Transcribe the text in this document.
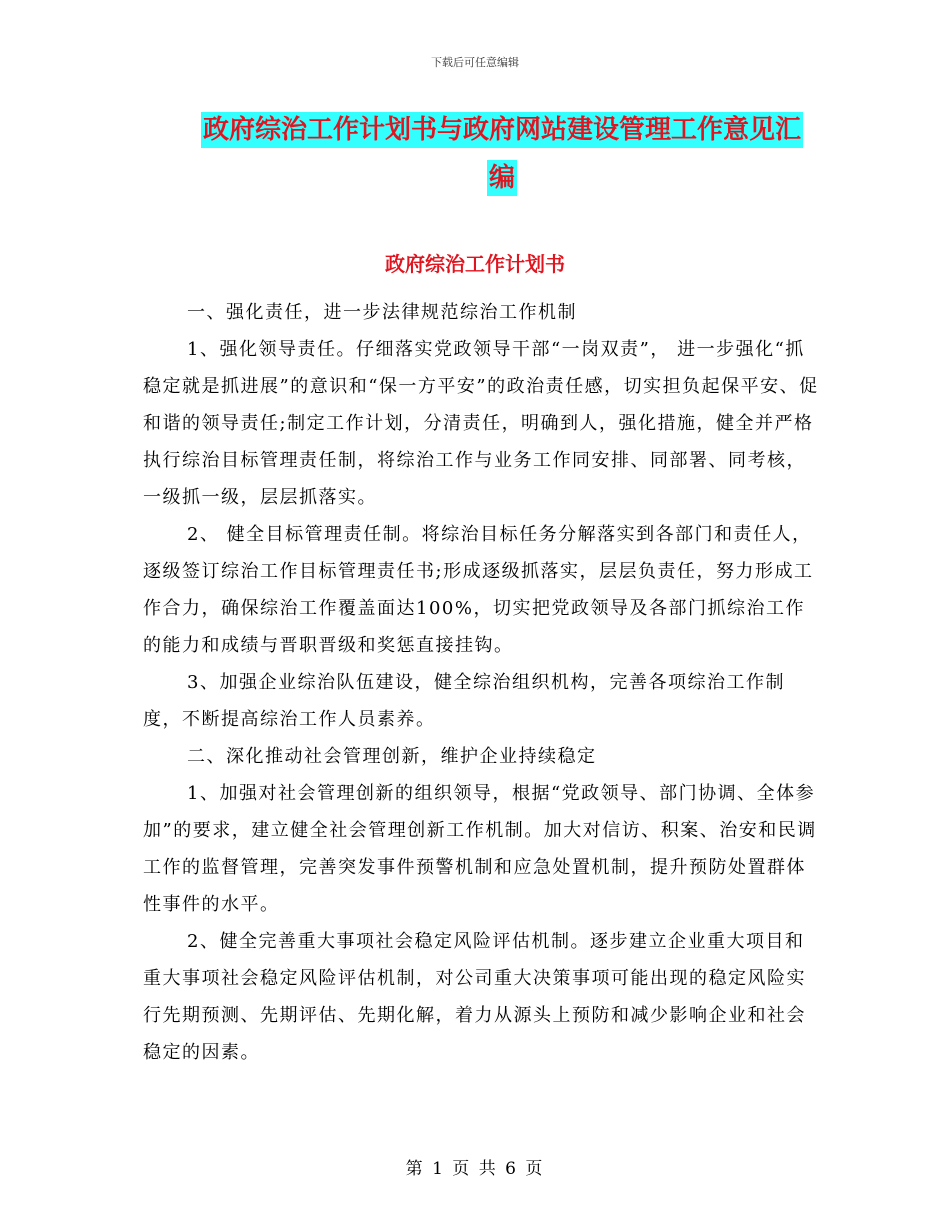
下载后可任意编辑
政府综治工作计划书与政府网站建设管理工作意见汇
编
政府综治工作计划书

一、强化责任，进一步法律规范综治工作机制

1、强化领导责任。仔细落实党政领导干部“一岗双责”， 进一步强化“抓稳定就是抓进展”的意识和“保一方平安”的政治责任感，切实担负起保平安、促和谐的领导责任;制定工作计划，分清责任，明确到人，强化措施，健全并严格执行综治目标管理责任制，将综治工作与业务工作同安排、同部署、同考核，一级抓一级，层层抓落实。

2、 健全目标管理责任制。将综治目标任务分解落实到各部门和责任人，逐级签订综治工作目标管理责任书;形成逐级抓落实，层层负责任，努力形成工作合力，确保综治工作覆盖面达100%，切实把党政领导及各部门抓综治工作的能力和成绩与晋职晋级和奖惩直接挂钩。

3、加强企业综治队伍建设，健全综治组织机构，完善各项综治工作制度，不断提高综治工作人员素养。

二、深化推动社会管理创新，维护企业持续稳定

1、加强对社会管理创新的组织领导，根据“党政领导、部门协调、全体参加”的要求，建立健全社会管理创新工作机制。加大对信访、积案、治安和民调工作的监督管理，完善突发事件预警机制和应急处置机制，提升预防处置群体性事件的水平。

2、健全完善重大事项社会稳定风险评估机制。逐步建立企业重大项目和重大事项社会稳定风险评估机制，对公司重大决策事项可能出现的稳定风险实行先期预测、先期评估、先期化解，着力从源头上预防和减少影响企业和社会稳定的因素。

第 1 页 共 6 页
